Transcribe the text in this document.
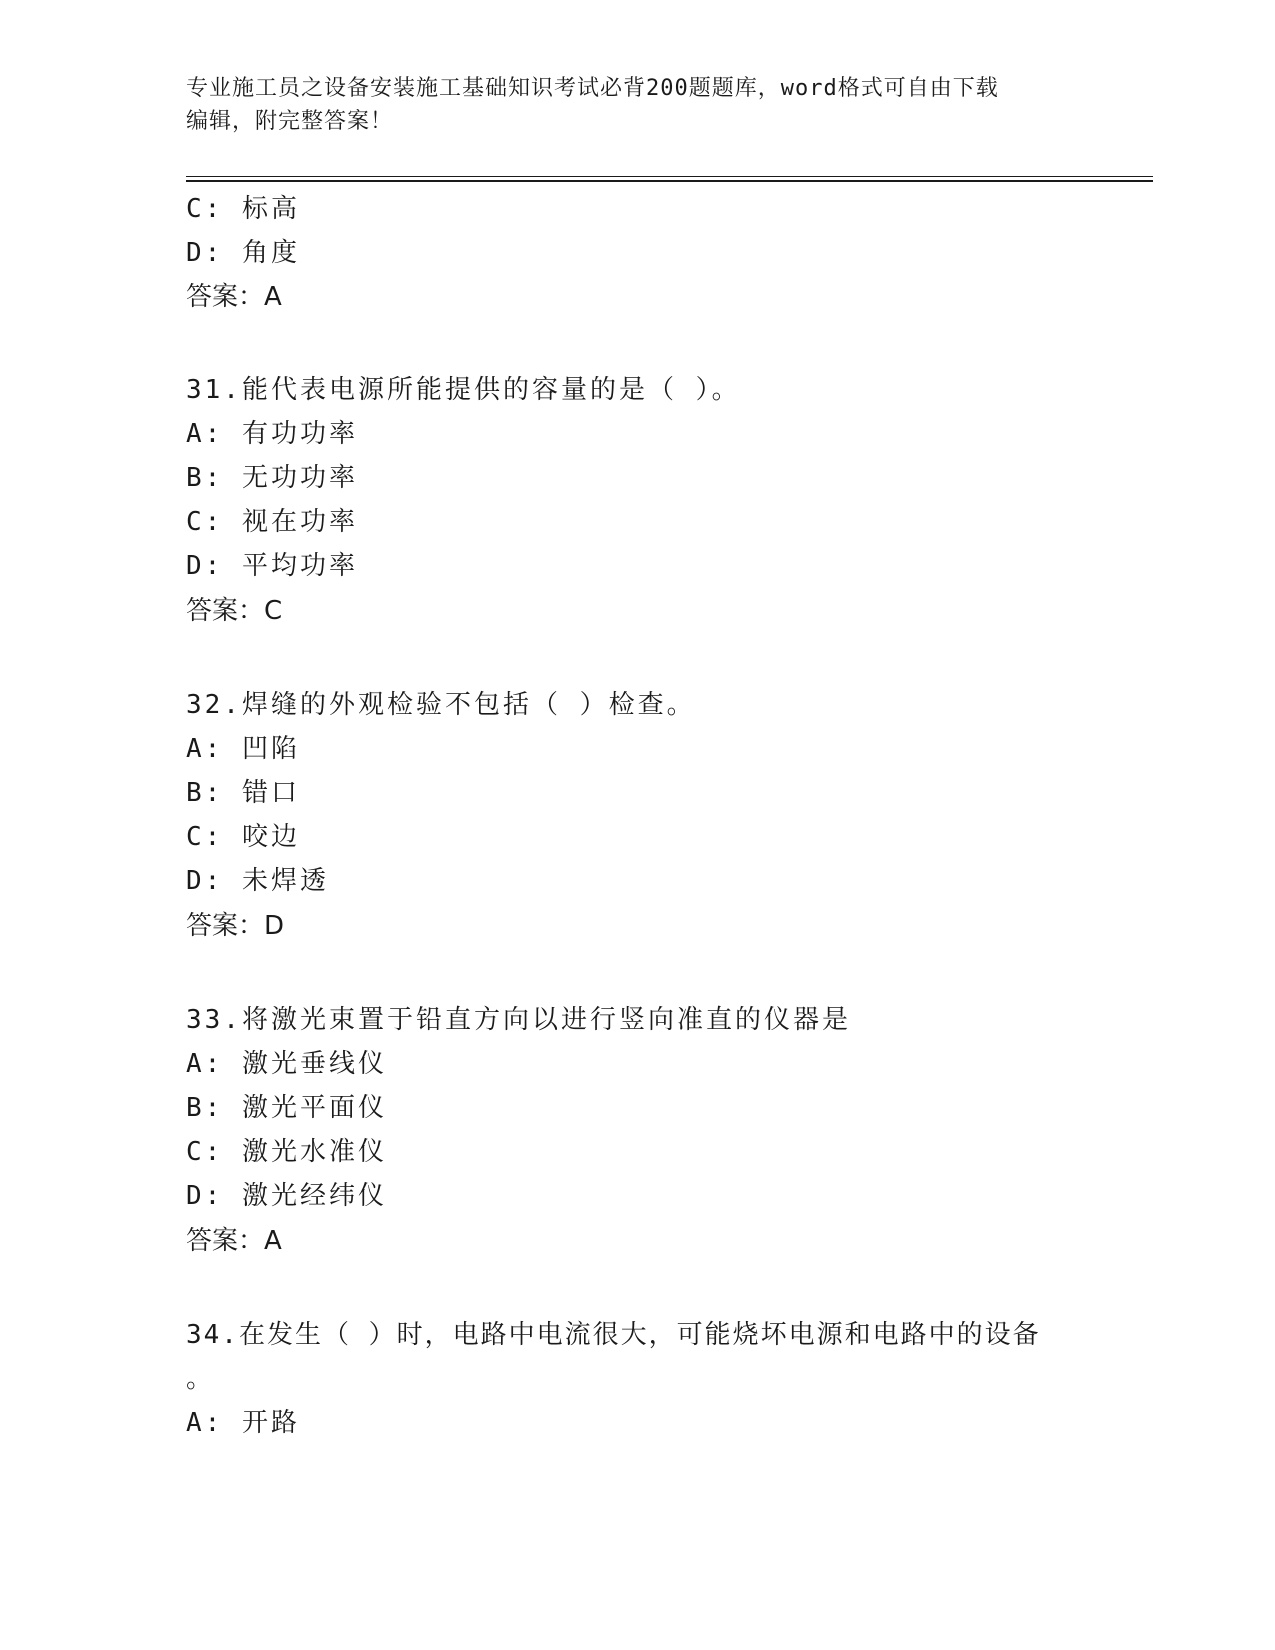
专业施工员之设备安装施工基础知识考试必背200题题库，word格式可自由下载
编辑，附完整答案！
C: 标高
D: 角度
答案：A
31.能代表电源所能提供的容量的是（ ）。
A: 有功功率
B: 无功功率
C: 视在功率
D: 平均功率
答案：C
32.焊缝的外观检验不包括（ ）检查。
A: 凹陷
B: 错口
C: 咬边
D: 未焊透
答案：D
33.将激光束置于铅直方向以进行竖向准直的仪器是
A: 激光垂线仪
B: 激光平面仪
C: 激光水准仪
D: 激光经纬仪
答案：A
34.在发生（ ）时，电路中电流很大，可能烧坏电源和电路中的设备
。
A: 开路
